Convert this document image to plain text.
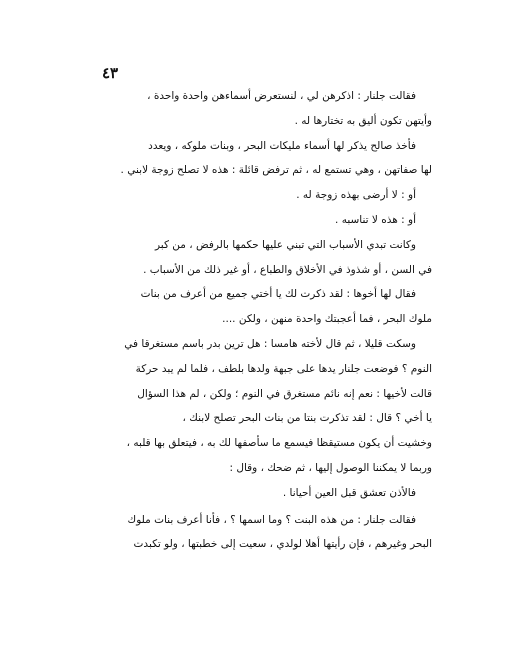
٤٣
فقالت جلنار : اذكرهن لي ، لنستعرض أسماءهن واحدة واحدة ،
وأيتهن تكون أليق به تختارها له .
فأخذ صالح يذكر لها أسماء مليكات البحر ، وبنات ملوكه ، ويعدد
لها صفاتهن ، وهي تستمع له ، ثم ترفض قائلة : هذه لا تصلح زوجة لابني .
أو : لا أرضى بهذه زوجة له .
أو : هذه لا تناسبه .
وكانت تبدي الأسباب التي تبني عليها حكمها بالرفض ، من كبر
في السن ، أو شذوذ في الأخلاق والطباع ، أو غير ذلك من الأسباب .
فقال لها أخوها : لقد ذكرت لك يا أختي جميع من أعرف من بنات
ملوك البحر ، فما أعجبتك واحدة منهن ، ولكن ....
وسكت قليلا ، ثم قال لأخته هامسا : هل ترين بدر باسم مستغرقا في
النوم ؟ فوضعت جلنار يدها على جبهة ولدها بلطف ، فلما لم يبد حركة
قالت لأخيها : نعم إنه نائم مستغرق في النوم ؛ ولكن ، لم هذا السؤال
يا أخي ؟ قال : لقد تذكرت بنتا من بنات البحر تصلح لابنك ،
وخشيت أن يكون مستيقظا فيسمع ما سأصفها لك به ، فيتعلق بها قلبه ،
وربما لا يمكننا الوصول إليها ، ثم ضحك ، وقال :
فالأذن تعشق قبل العين أحيانا .
فقالت جلنار : من هذه البنت ؟ وما اسمها ؟ ، فأنا أعرف بنات ملوك
البحر وغيرهم ، فإن رأيتها أهلا لولدي ، سعيت إلى خطبتها ، ولو تكبدت
